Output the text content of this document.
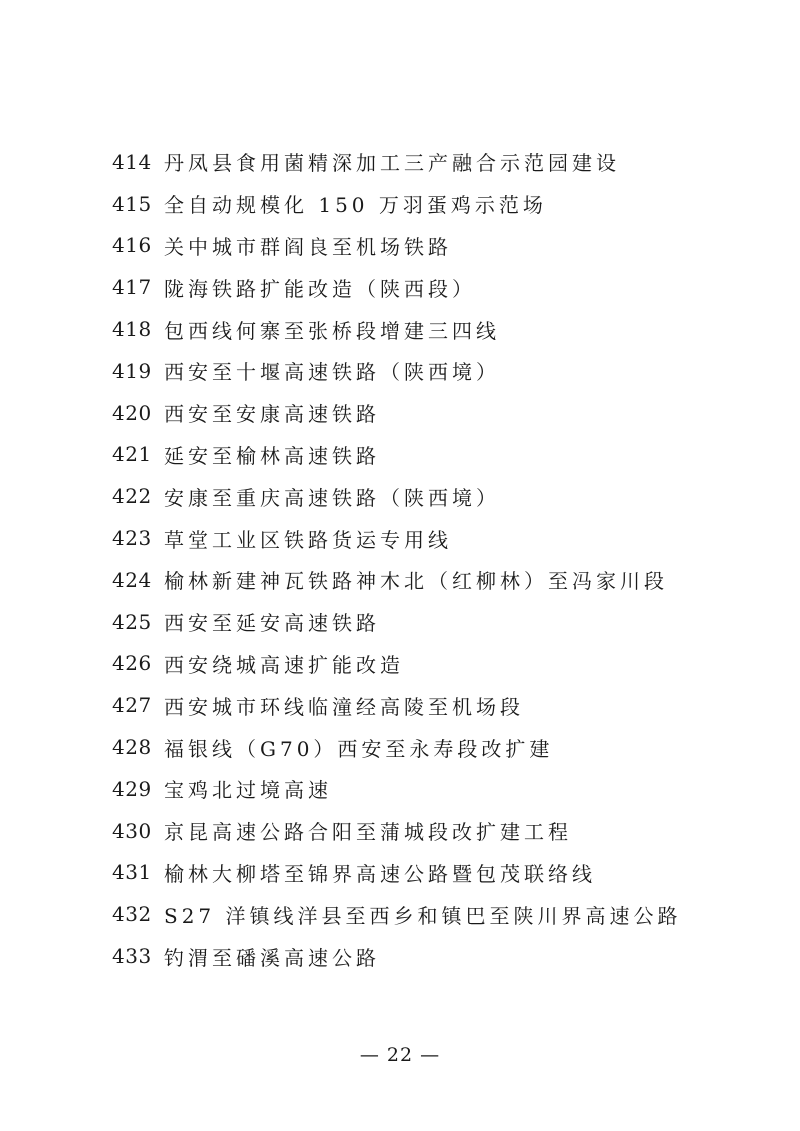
414 丹凤县食用菌精深加工三产融合示范园建设
415 全自动规模化 150 万羽蛋鸡示范场
416 关中城市群阎良至机场铁路
417 陇海铁路扩能改造（陕西段）
418 包西线何寨至张桥段增建三四线
419 西安至十堰高速铁路（陕西境）
420 西安至安康高速铁路
421 延安至榆林高速铁路
422 安康至重庆高速铁路（陕西境）
423 草堂工业区铁路货运专用线
424 榆林新建神瓦铁路神木北（红柳林）至冯家川段
425 西安至延安高速铁路
426 西安绕城高速扩能改造
427 西安城市环线临潼经高陵至机场段
428 福银线（G70）西安至永寿段改扩建
429 宝鸡北过境高速
430 京昆高速公路合阳至蒲城段改扩建工程
431 榆林大柳塔至锦界高速公路暨包茂联络线
432 S27 洋镇线洋县至西乡和镇巴至陕川界高速公路
433 钓渭至磻溪高速公路
— 22 —
